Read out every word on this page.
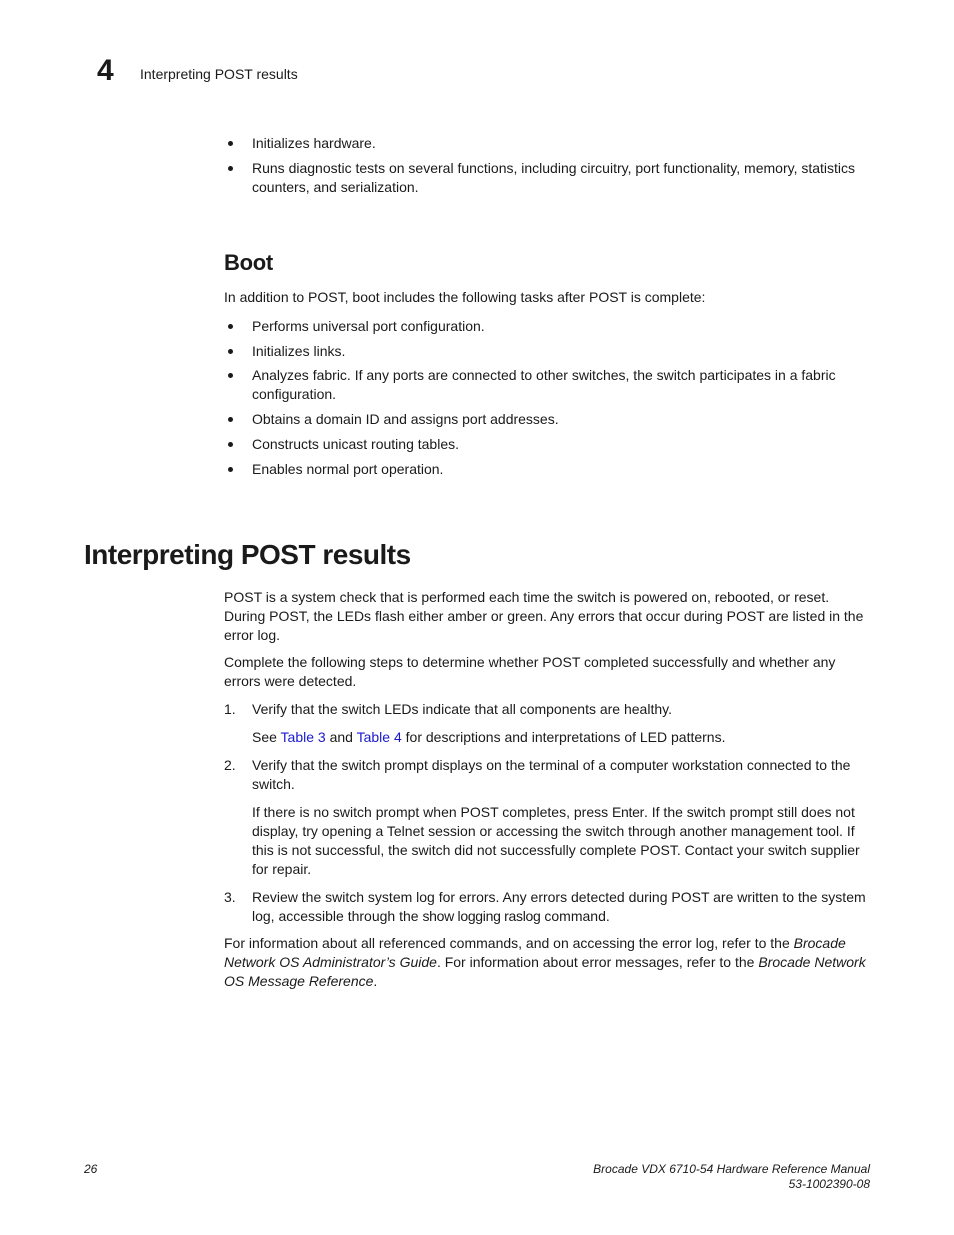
4 Interpreting POST results
Initializes hardware.
Runs diagnostic tests on several functions, including circuitry, port functionality, memory, statistics counters, and serialization.
Boot

In addition to POST, boot includes the following tasks after POST is complete:

Performs universal port configuration.
Initializes links.
Analyzes fabric. If any ports are connected to other switches, the switch participates in a fabric configuration.
Obtains a domain ID and assigns port addresses.
Constructs unicast routing tables.
Enables normal port operation.
Interpreting POST results

POST is a system check that is performed each time the switch is powered on, rebooted, or reset. During POST, the LEDs flash either amber or green. Any errors that occur during POST are listed in the error log.

Complete the following steps to determine whether POST completed successfully and whether any errors were detected.

1. Verify that the switch LEDs indicate that all components are healthy.

See Table 3 and Table 4 for descriptions and interpretations of LED patterns.

2. Verify that the switch prompt displays on the terminal of a computer workstation connected to the switch.

If there is no switch prompt when POST completes, press Enter. If the switch prompt still does not display, try opening a Telnet session or accessing the switch through another management tool. If this is not successful, the switch did not successfully complete POST. Contact your switch supplier for repair.

3. Review the switch system log for errors. Any errors detected during POST are written to the system log, accessible through the show logging raslog command.

For information about all referenced commands, and on accessing the error log, refer to the Brocade Network OS Administrator’s Guide. For information about error messages, refer to the Brocade Network OS Message Reference.

26	Brocade VDX 6710-54 Hardware Reference Manual
53-1002390-08
